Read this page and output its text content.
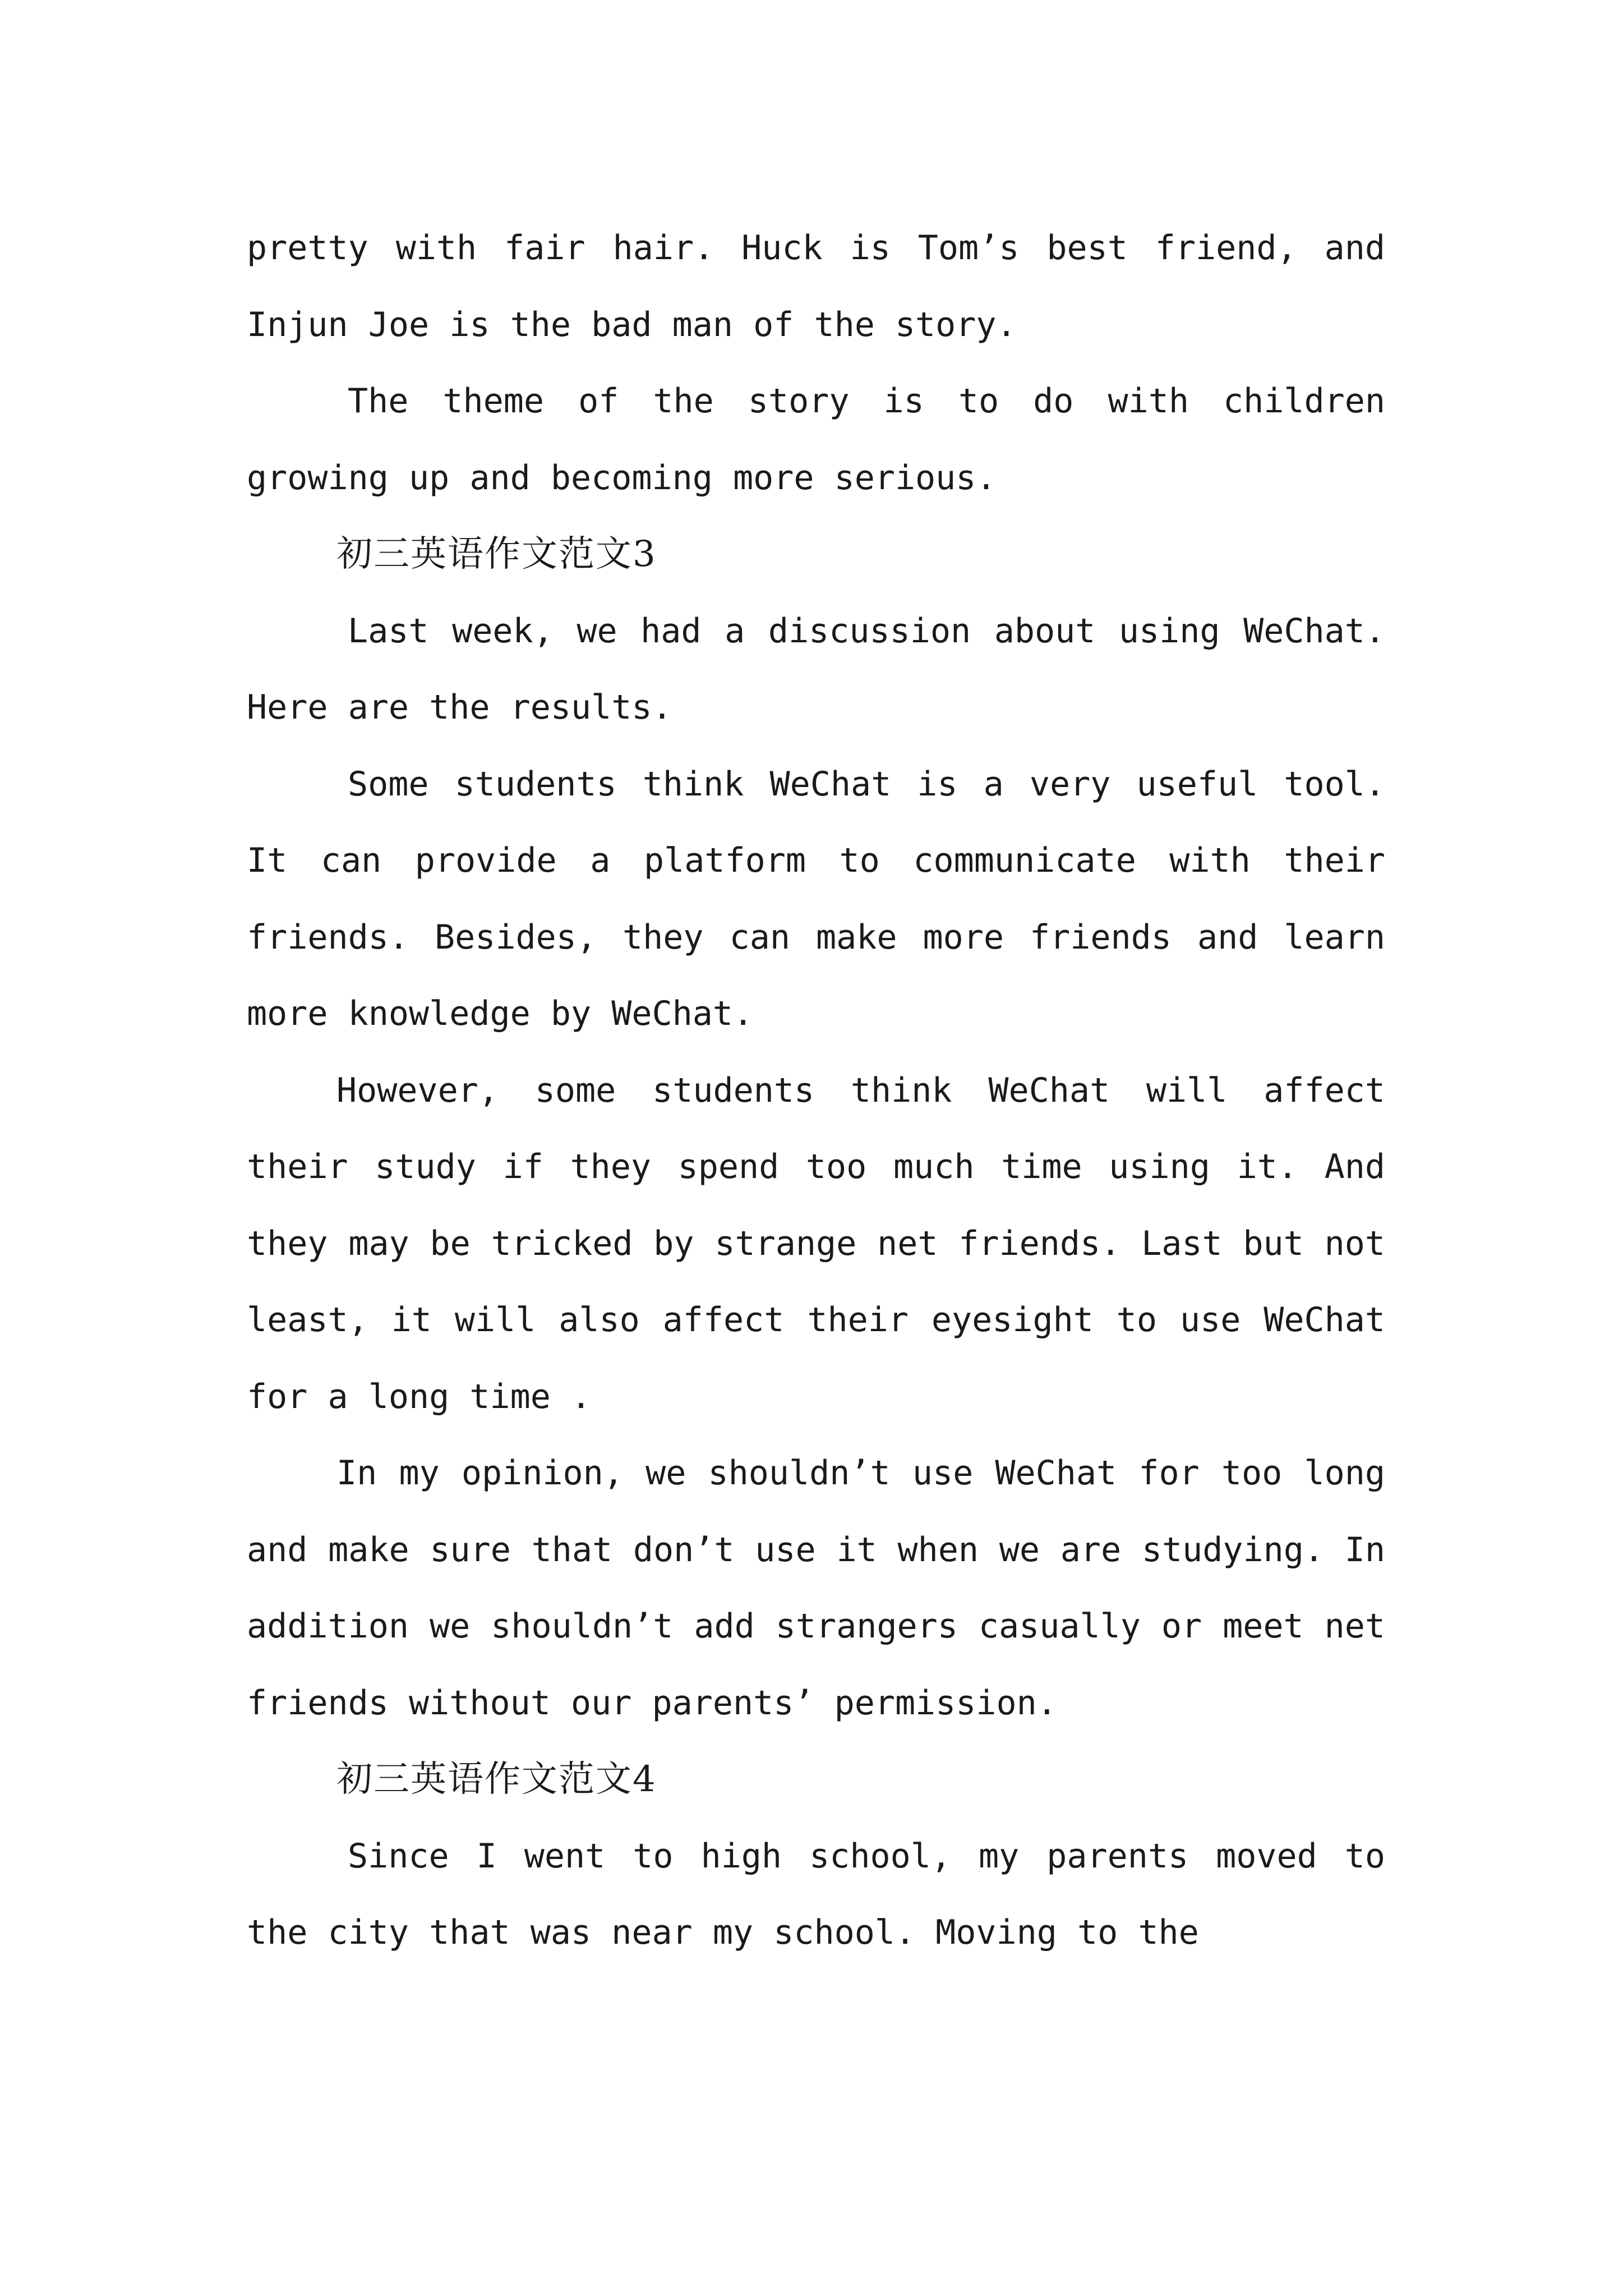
pretty with fair hair. Huck is Tom’s best friend, and Injun Joe is the bad man of the story.

The theme of the story is to do with children growing up and becoming more serious.

初三英语作文范文3

Last week, we had a discussion about using WeChat. Here are the results.

Some students think WeChat is a very useful tool. It can provide a platform to communicate with their friends. Besides, they can make more friends and learn more knowledge by WeChat.

However, some students think WeChat will affect their study if they spend too much time using it. And they may be tricked by strange net friends. Last but not least, it will also affect their eyesight to use WeChat for a long time .

In my opinion, we shouldn’t use WeChat for too long and make sure that don’t use it when we are studying. In addition we shouldn’t add strangers casually or meet net friends without our parents’ permission.

初三英语作文范文4

Since I went to high school, my parents moved to the city that was near my school. Moving to the
